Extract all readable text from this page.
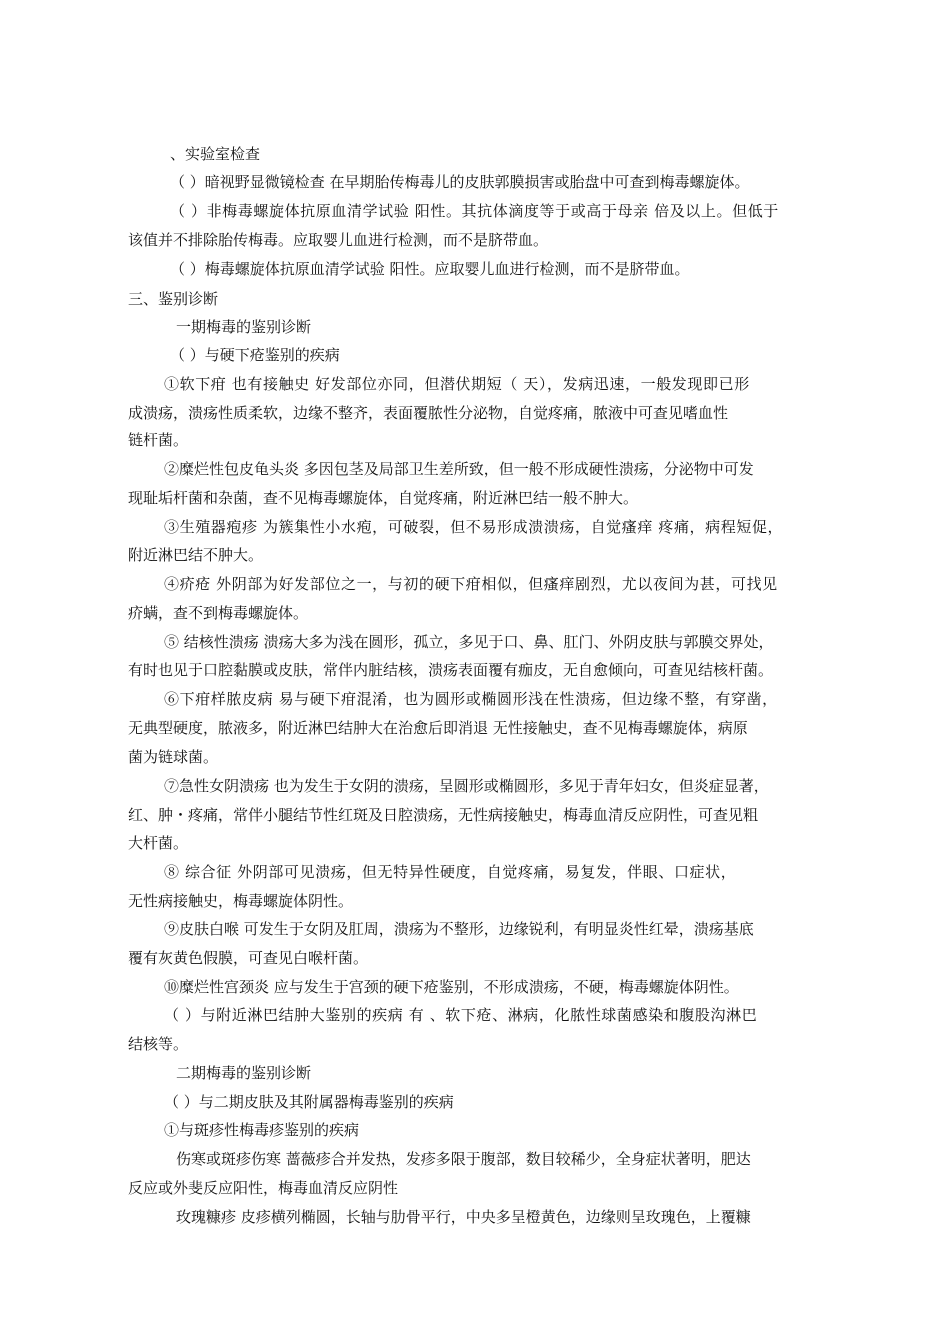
、实验室检查
（ ）暗视野显微镜检查 在早期胎传梅毒儿的皮肤郭膜损害或胎盘中可查到梅毒螺旋体。
（ ）非梅毒螺旋体抗原血清学试验 阳性。其抗体滴度等于或高于母亲 倍及以上。但低于
该值并不排除胎传梅毒。应取婴儿血进行检测，而不是脐带血。
（ ）梅毒螺旋体抗原血清学试验 阳性。应取婴儿血进行检测，而不是脐带血。
三、鉴别诊断
一期梅毒的鉴别诊断
（ ）与硬下疮鉴别的疾病
①软下疳 也有接触史 好发部位亦同，但潜伏期短（ 天），发病迅速，一般发现即已形
成溃疡，溃疡性质柔软，边缘不整齐，表面覆脓性分泌物，自觉疼痛，脓液中可查见嗜血性
链杆菌。
②糜烂性包皮龟头炎 多因包茎及局部卫生差所致，但一般不形成硬性溃疡，分泌物中可发
现耻垢杆菌和杂菌，查不见梅毒螺旋体，自觉疼痛，附近淋巴结一般不肿大。
③生殖器疱疹 为簇集性小水疱，可破裂，但不易形成溃溃疡，自觉瘙痒 疼痛，病程短促，
附近淋巴结不肿大。
④疥疮 外阴部为好发部位之一，与初的硬下疳相似，但瘙痒剧烈，尤以夜间为甚，可找见
疥螨，查不到梅毒螺旋体。
⑤ 结核性溃疡 溃疡大多为浅在圆形，孤立，多见于口、鼻、肛门、外阴皮肤与郭膜交界处，
有时也见于口腔黏膜或皮肤，常伴内脏结核，溃疡表面覆有痂皮，无自愈倾向，可查见结核杆菌。
⑥下疳样脓皮病 易与硬下疳混淆，也为圆形或椭圆形浅在性溃疡，但边缘不整，有穿凿，
无典型硬度，脓液多，附近淋巴结肿大在治愈后即消退 无性接触史，查不见梅毒螺旋体，病原
菌为链球菌。
⑦急性女阴溃疡 也为发生于女阴的溃疡，呈圆形或椭圆形，多见于青年妇女，但炎症显著，
红、肿・疼痛，常伴小腿结节性红斑及日腔溃疡，无性病接触史，梅毒血清反应阴性，可查见粗
大杆菌。
⑧ 综合征 外阴部可见溃疡，但无特异性硬度，自觉疼痛，易复发，伴眼、口症状，
无性病接触史，梅毒螺旋体阴性。
⑨皮肤白喉 可发生于女阴及肛周，溃疡为不整形，边缘锐利，有明显炎性红晕，溃疡基底
覆有灰黄色假膜，可查见白喉杆菌。
⑩糜烂性宫颈炎 应与发生于宫颈的硬下疮鉴别，不形成溃疡，不硬，梅毒螺旋体阴性。
（ ）与附近淋巴结肿大鉴别的疾病 有 、软下疮、淋病，化脓性球菌感染和腹股沟淋巴
结核等。
二期梅毒的鉴别诊断
（ ）与二期皮肤及其附属器梅毒鉴别的疾病
①与斑疹性梅毒疹鉴别的疾病
伤寒或斑疹伤寒 蔷薇疹合并发热，发疹多限于腹部，数目较稀少，全身症状著明，肥达
反应或外斐反应阳性，梅毒血清反应阴性
玫瑰糠疹 皮疹横列椭圆，长轴与肋骨平行，中央多呈橙黄色，边缘则呈玫瑰色，上覆糠
